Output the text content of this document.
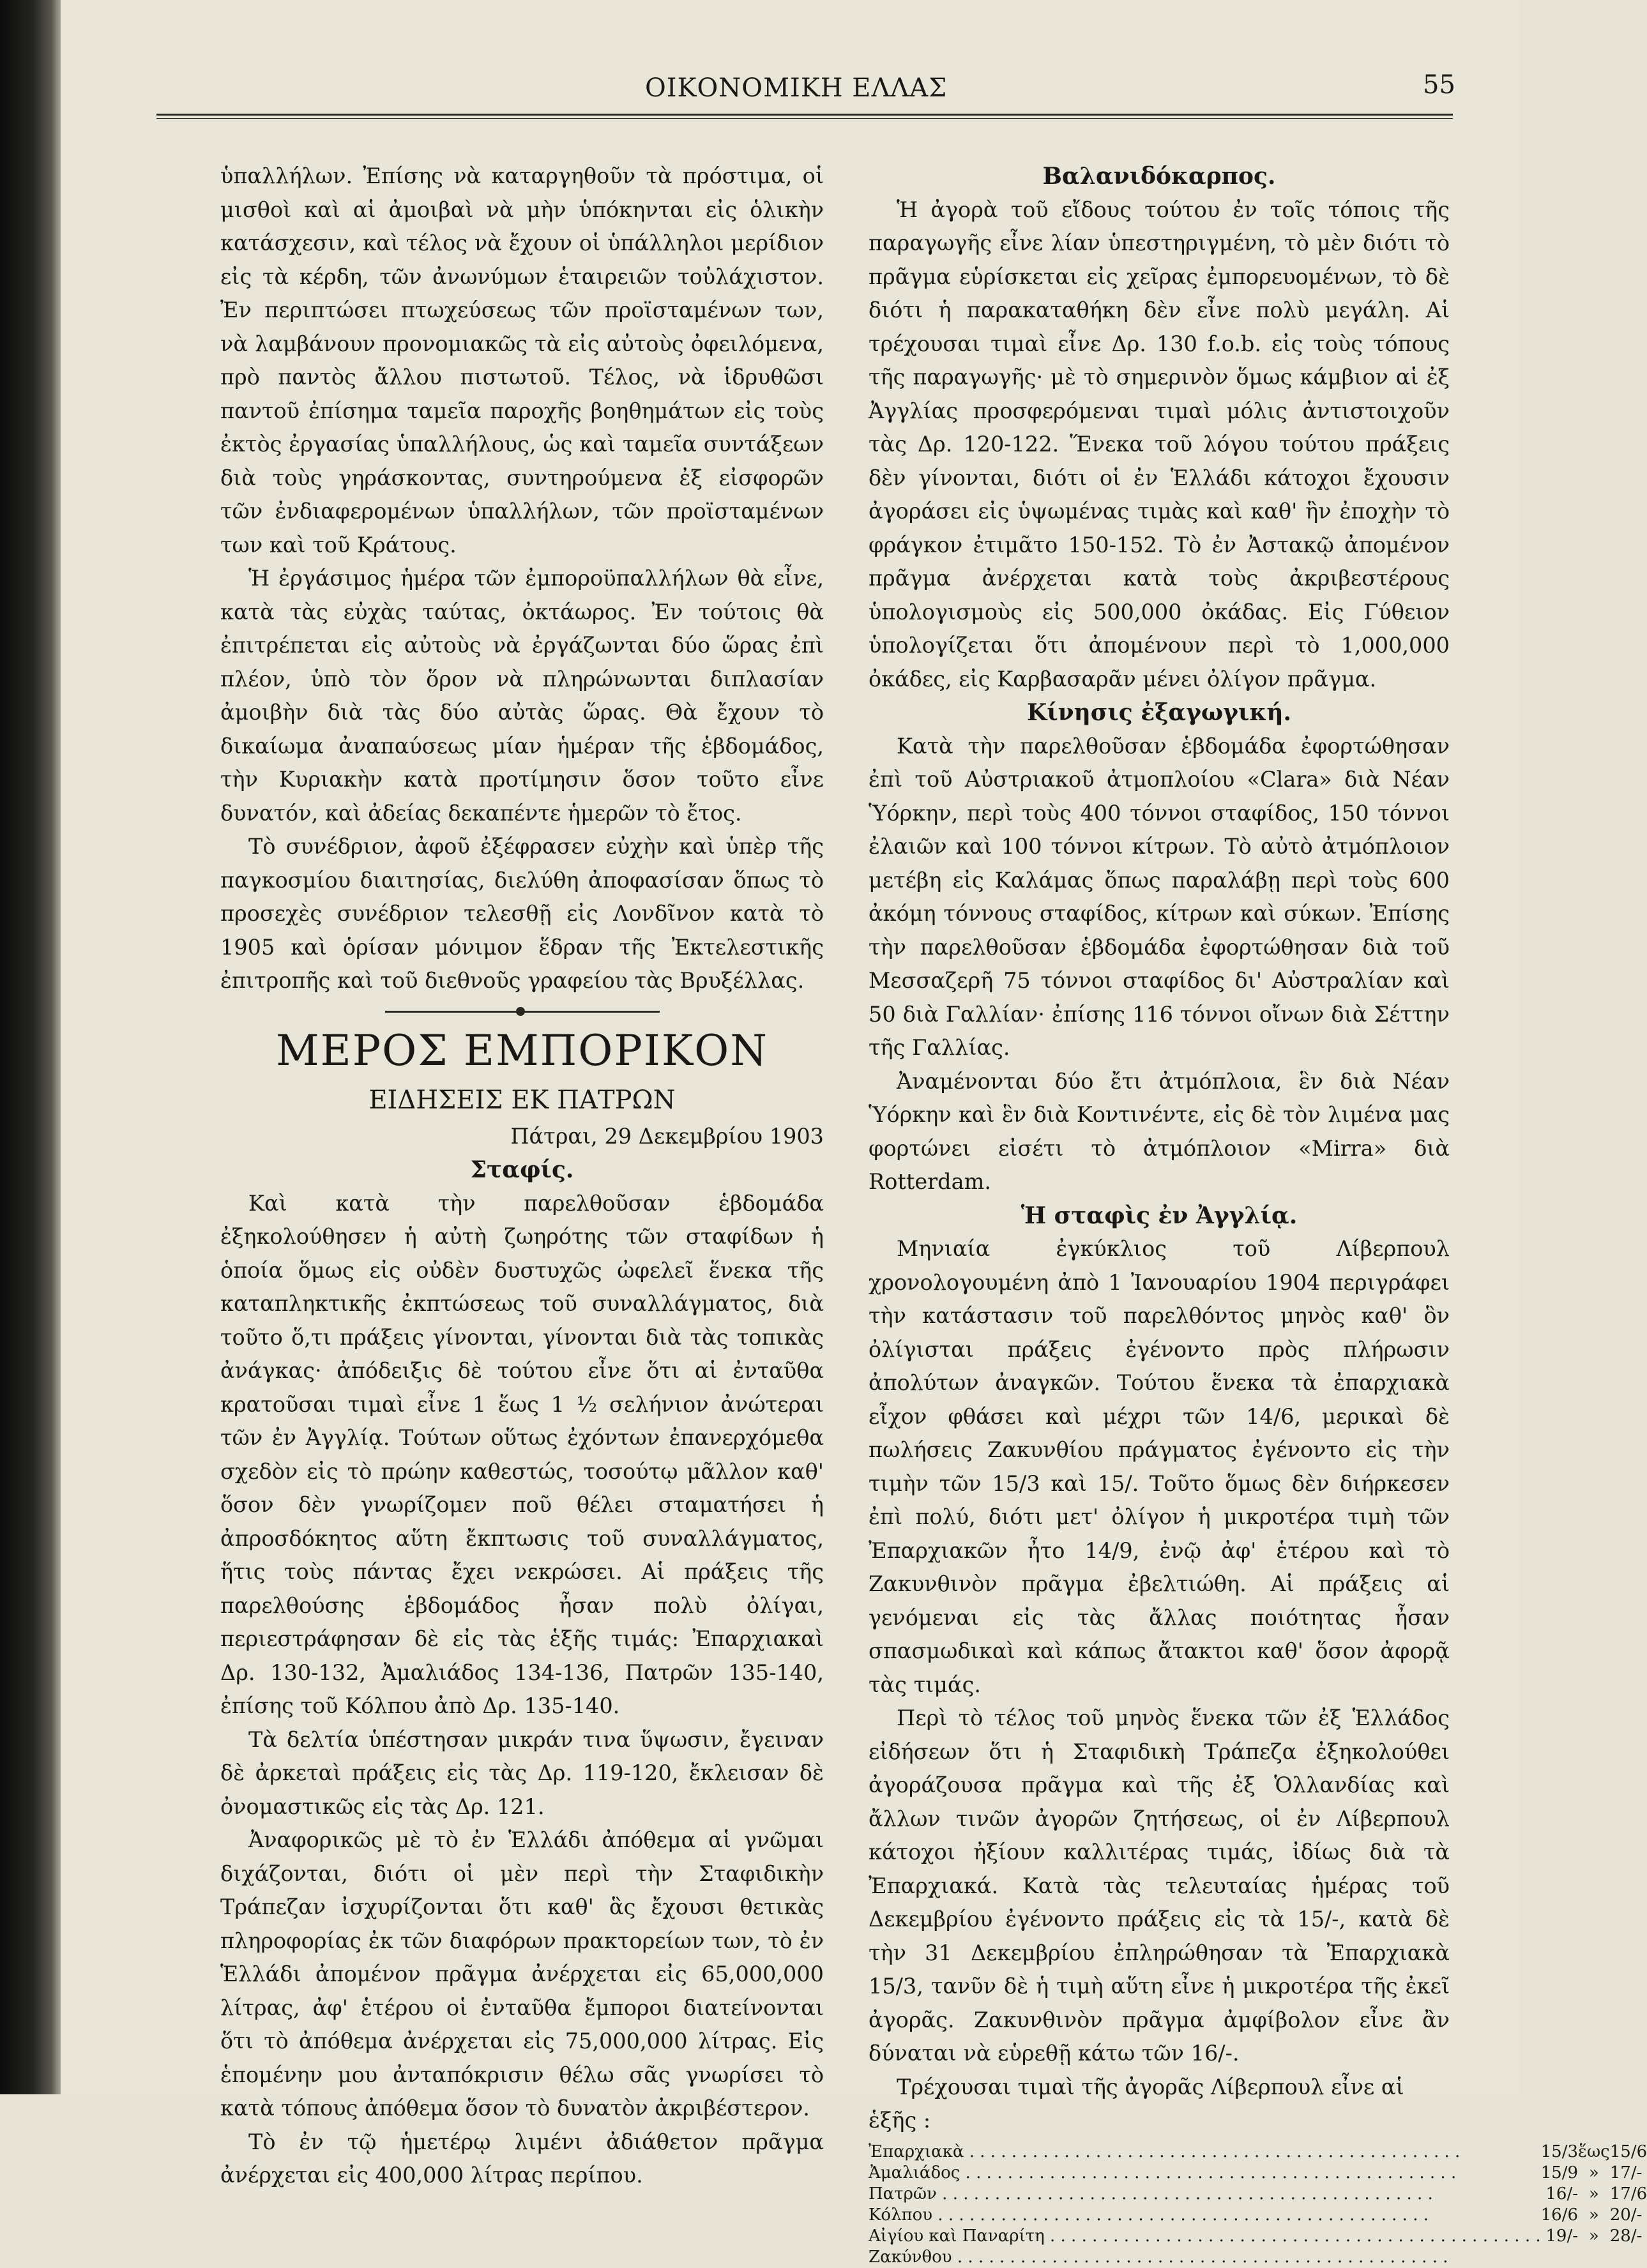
ΟΙΚΟΝΟΜΙΚΗ ΕΛΛΑΣ	55

ὑπαλλήλων. Ἐπίσης νὰ καταργηθοῦν τὰ πρόστιμα, οἱ μισθοὶ καὶ αἱ ἀμοιβαὶ νὰ μὴν ὑπόκηνται εἰς ὁλικὴν κατάσχεσιν, καὶ τέλος νὰ ἔχουν οἱ ὑπάλληλοι μερίδιον εἰς τὰ κέρδη, τῶν ἀνωνύμων ἑταιρειῶν τοὐλάχιστον. Ἐν περιπτώσει πτωχεύσεως τῶν προϊσταμένων των, νὰ λαμβάνουν προνομιακῶς τὰ εἰς αὐτοὺς ὀφειλόμενα, πρὸ παντὸς ἄλλου πιστωτοῦ. Τέλος, νὰ ἱδρυθῶσι παντοῦ ἐπίσημα ταμεῖα παροχῆς βοηθημάτων εἰς τοὺς ἐκτὸς ἐργασίας ὑπαλλήλους, ὡς καὶ ταμεῖα συντάξεων διὰ τοὺς γηράσκοντας, συντηρούμενα ἐξ εἰσφορῶν τῶν ἐνδιαφερομένων ὑπαλλήλων, τῶν προϊσταμένων των καὶ τοῦ Κράτους.

Ἡ ἐργάσιμος ἡμέρα τῶν ἐμποροϋπαλλήλων θὰ εἶνε, κατὰ τὰς εὐχὰς ταύτας, ὀκτάωρος. Ἐν τούτοις θὰ ἐπιτρέπεται εἰς αὐτοὺς νὰ ἐργάζωνται δύο ὥρας ἐπὶ πλέον, ὑπὸ τὸν ὅρον νὰ πληρώνωνται διπλασίαν ἀμοιβὴν διὰ τὰς δύο αὐτὰς ὥρας. Θὰ ἔχουν τὸ δικαίωμα ἀναπαύσεως μίαν ἡμέραν τῆς ἑβδομάδος, τὴν Κυριακὴν κατὰ προτίμησιν ὅσον τοῦτο εἶνε δυνατόν, καὶ ἀδείας δεκαπέντε ἡμερῶν τὸ ἔτος.

Τὸ συνέδριον, ἀφοῦ ἐξέφρασεν εὐχὴν καὶ ὑπὲρ τῆς παγκοσμίου διαιτησίας, διελύθη ἀποφασίσαν ὅπως τὸ προσεχὲς συνέδριον τελεσθῇ εἰς Λονδῖνον κατὰ τὸ 1905 καὶ ὁρίσαν μόνιμον ἕδραν τῆς Ἐκτελεστικῆς ἐπιτροπῆς καὶ τοῦ διεθνοῦς γραφείου τὰς Βρυξέλλας.

ΜΕΡΟΣ ΕΜΠΟΡΙΚΟΝ

ΕΙΔΗΣΕΙΣ ΕΚ ΠΑΤΡΩΝ

Πάτραι, 29 Δεκεμβρίου 1903

Σταφίς.

Καὶ κατὰ τὴν παρελθοῦσαν ἑβδομάδα ἐξηκολούθησεν ἡ αὐτὴ ζωηρότης τῶν σταφίδων ἡ ὁποία ὅμως εἰς οὐδὲν δυστυχῶς ὠφελεῖ ἕνεκα τῆς καταπληκτικῆς ἐκπτώσεως τοῦ συναλλάγματος, διὰ τοῦτο ὅ,τι πράξεις γίνονται, γίνονται διὰ τὰς τοπικὰς ἀνάγκας· ἀπόδειξις δὲ τούτου εἶνε ὅτι αἱ ἐνταῦθα κρατοῦσαι τιμαὶ εἶνε 1 ἕως 1 ½ σελήνιον ἀνώτεραι τῶν ἐν Ἀγγλίᾳ. Τούτων οὕτως ἐχόντων ἐπανερχόμεθα σχεδὸν εἰς τὸ πρώην καθεστώς, τοσούτῳ μᾶλλον καθ' ὅσον δὲν γνωρίζομεν ποῦ θέλει σταματήσει ἡ ἀπροσδόκητος αὕτη ἔκπτωσις τοῦ συναλλάγματος, ἥτις τοὺς πάντας ἔχει νεκρώσει. Αἱ πράξεις τῆς παρελθούσης ἑβδομάδος ἦσαν πολὺ ὀλίγαι, περιεστράφησαν δὲ εἰς τὰς ἑξῆς τιμάς: Ἐπαρχιακαὶ Δρ. 130-132, Ἀμαλιάδος 134-136, Πατρῶν 135-140, ἐπίσης τοῦ Κόλπου ἀπὸ Δρ. 135-140.

Τὰ δελτία ὑπέστησαν μικράν τινα ὕψωσιν, ἔγειναν δὲ ἀρκεταὶ πράξεις εἰς τὰς Δρ. 119-120, ἔκλεισαν δὲ ὀνομαστικῶς εἰς τὰς Δρ. 121.

Ἀναφορικῶς μὲ τὸ ἐν Ἑλλάδι ἀπόθεμα αἱ γνῶμαι διχάζονται, διότι οἱ μὲν περὶ τὴν Σταφιδικὴν Τράπεζαν ἰσχυρίζονται ὅτι καθ' ἃς ἔχουσι θετικὰς πληροφορίας ἐκ τῶν διαφόρων πρακτορείων των, τὸ ἐν Ἑλλάδι ἀπομένον πρᾶγμα ἀνέρχεται εἰς 65,000,000 λίτρας, ἀφ' ἑτέρου οἱ ἐνταῦθα ἔμποροι διατείνονται ὅτι τὸ ἀπόθεμα ἀνέρχεται εἰς 75,000,000 λίτρας. Εἰς ἑπομένην μου ἀνταπόκρισιν θέλω σᾶς γνωρίσει τὸ κατὰ τόπους ἀπόθεμα ὅσον τὸ δυνατὸν ἀκριβέστερον.

Τὸ ἐν τῷ ἡμετέρῳ λιμένι ἀδιάθετον πρᾶγμα ἀνέρχεται εἰς 400,000 λίτρας περίπου.

Βαλανιδόκαρπος.

Ἡ ἀγορὰ τοῦ εἴδους τούτου ἐν τοῖς τόποις τῆς παραγωγῆς εἶνε λίαν ὑπεστηριγμένη, τὸ μὲν διότι τὸ πρᾶγμα εὑρίσκεται εἰς χεῖρας ἐμπορευομένων, τὸ δὲ διότι ἡ παρακαταθήκη δὲν εἶνε πολὺ μεγάλη. Αἱ τρέχουσαι τιμαὶ εἶνε Δρ. 130 f.o.b. εἰς τοὺς τόπους τῆς παραγωγῆς· μὲ τὸ σημερινὸν ὅμως κάμβιον αἱ ἐξ Ἀγγλίας προσφερόμεναι τιμαὶ μόλις ἀντιστοιχοῦν τὰς Δρ. 120-122. Ἕνεκα τοῦ λόγου τούτου πράξεις δὲν γίνονται, διότι οἱ ἐν Ἑλλάδι κάτοχοι ἔχουσιν ἀγοράσει εἰς ὑψωμένας τιμὰς καὶ καθ' ἣν ἐποχὴν τὸ φράγκον ἐτιμᾶτο 150-152. Τὸ ἐν Ἀστακῷ ἀπομένον πρᾶγμα ἀνέρχεται κατὰ τοὺς ἀκριβεστέρους ὑπολογισμοὺς εἰς 500,000 ὀκάδας. Εἰς Γύθειον ὑπολογίζεται ὅτι ἀπομένουν περὶ τὸ 1,000,000 ὀκάδες, εἰς Καρβασαρᾶν μένει ὀλίγον πρᾶγμα.

Κίνησις ἐξαγωγική.

Κατὰ τὴν παρελθοῦσαν ἑβδομάδα ἐφορτώθησαν ἐπὶ τοῦ Αὐστριακοῦ ἀτμοπλοίου «Clara» διὰ Νέαν Ὑόρκην, περὶ τοὺς 400 τόννοι σταφίδος, 150 τόννοι ἐλαιῶν καὶ 100 τόννοι κίτρων. Τὸ αὐτὸ ἀτμόπλοιον μετέβη εἰς Καλάμας ὅπως παραλάβῃ περὶ τοὺς 600 ἀκόμη τόννους σταφίδος, κίτρων καὶ σύκων. Ἐπίσης τὴν παρελθοῦσαν ἑβδομάδα ἐφορτώθησαν διὰ τοῦ Μεσσαζερῆ 75 τόννοι σταφίδος δι' Αὐστραλίαν καὶ 50 διὰ Γαλλίαν· ἐπίσης 116 τόννοι οἴνων διὰ Σέττην τῆς Γαλλίας.

Ἀναμένονται δύο ἔτι ἀτμόπλοια, ἓν διὰ Νέαν Ὑόρκην καὶ ἓν διὰ Κοντινέντε, εἰς δὲ τὸν λιμένα μας φορτώνει εἰσέτι τὸ ἀτμόπλοιον «Mirra» διὰ Rotterdam.

Ἡ σταφὶς ἐν Ἀγγλίᾳ.

Μηνιαία ἐγκύκλιος τοῦ Λίβερπουλ χρονολογουμένη ἀπὸ 1 Ἰανουαρίου 1904 περιγράφει τὴν κατάστασιν τοῦ παρελθόντος μηνὸς καθ' ὃν ὀλίγισται πράξεις ἐγένοντο πρὸς πλήρωσιν ἀπολύτων ἀναγκῶν. Τούτου ἕνεκα τὰ ἐπαρχιακὰ εἶχον φθάσει καὶ μέχρι τῶν 14/6, μερικαὶ δὲ πωλήσεις Ζακυνθίου πράγματος ἐγένοντο εἰς τὴν τιμὴν τῶν 15/3 καὶ 15/. Τοῦτο ὅμως δὲν διήρκεσεν ἐπὶ πολύ, διότι μετ' ὀλίγον ἡ μικροτέρα τιμὴ τῶν Ἐπαρχιακῶν ἦτο 14/9, ἐνῷ ἀφ' ἑτέρου καὶ τὸ Ζακυνθινὸν πρᾶγμα ἐβελτιώθη. Αἱ πράξεις αἱ γενόμεναι εἰς τὰς ἄλλας ποιότητας ἦσαν σπασμωδικαὶ καὶ κάπως ἄτακτοι καθ' ὅσον ἀφορᾷ τὰς τιμάς.

Περὶ τὸ τέλος τοῦ μηνὸς ἕνεκα τῶν ἐξ Ἑλλάδος εἰδήσεων ὅτι ἡ Σταφιδικὴ Τράπεζα ἐξηκολούθει ἀγοράζουσα πρᾶγμα καὶ τῆς ἐξ Ὁλλανδίας καὶ ἄλλων τινῶν ἀγορῶν ζητήσεως, οἱ ἐν Λίβερπουλ κάτοχοι ἠξίουν καλλιτέρας τιμάς, ἰδίως διὰ τὰ Ἐπαρχιακά. Κατὰ τὰς τελευταίας ἡμέρας τοῦ Δεκεμβρίου ἐγένοντο πράξεις εἰς τὰ 15/-, κατὰ δὲ τὴν 31 Δεκεμβρίου ἐπληρώθησαν τὰ Ἐπαρχιακὰ 15/3, τανῦν δὲ ἡ τιμὴ αὕτη εἶνε ἡ μικροτέρα τῆς ἐκεῖ ἀγορᾶς. Ζακυνθινὸν πρᾶγμα ἀμφίβολον εἶνε ἂν δύναται νὰ εὑρεθῇ κάτω τῶν 16/-.

Τρέχουσαι τιμαὶ τῆς ἀγορᾶς Λίβερπουλ εἶνε αἱ

ἑξῆς :

Ἐπαρχιακὰ . . .	15/3	ἕως	15/6
Ἀμαλιάδος . . .	15/9	»	17/-
Πατρῶν . . .	16/-	»	17/6
Κόλπου . . .	16/6	»	20/-
Αἰγίου καὶ Παναρίτη . . .	19/-	»	28/-
Ζακύνθου . . .			
